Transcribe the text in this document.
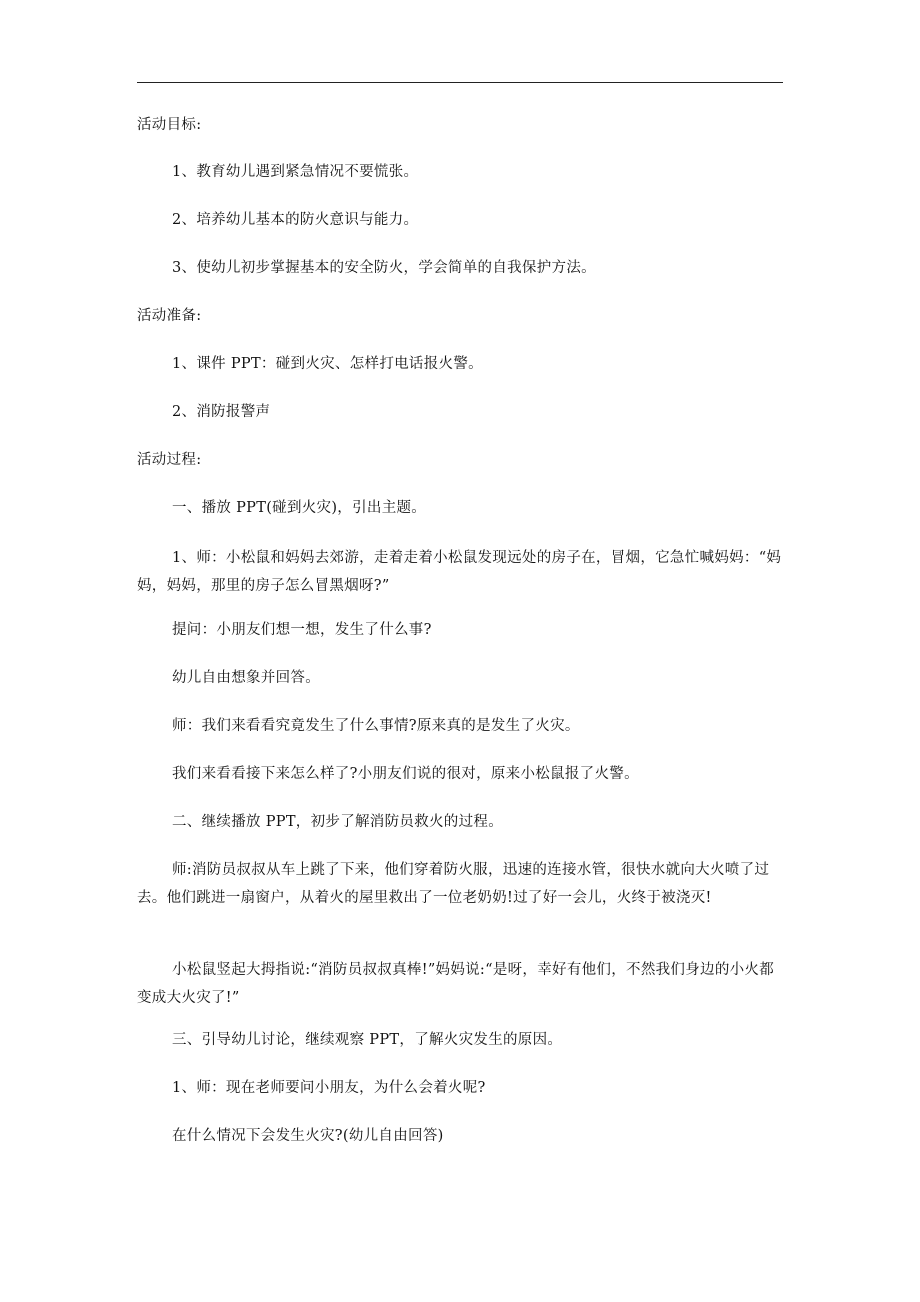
活动目标:
1、教育幼儿遇到紧急情况不要慌张。
2、培养幼儿基本的防火意识与能力。
3、使幼儿初步掌握基本的安全防火，学会简单的自我保护方法。
活动准备:
1、课件 PPT：碰到火灾、怎样打电话报火警。
2、消防报警声
活动过程:
一、播放 PPT(碰到火灾)，引出主题。
1、师：小松鼠和妈妈去郊游，走着走着小松鼠发现远处的房子在，冒烟，它急忙喊妈妈：“妈妈，妈妈，那里的房子怎么冒黑烟呀?”
提问：小朋友们想一想，发生了什么事?
幼儿自由想象并回答。
师：我们来看看究竟发生了什么事情?原来真的是发生了火灾。
我们来看看接下来怎么样了?小朋友们说的很对，原来小松鼠报了火警。
二、继续播放 PPT，初步了解消防员救火的过程。
师:消防员叔叔从车上跳了下来，他们穿着防火服，迅速的连接水管，很快水就向大火喷了过去。他们跳进一扇窗户，从着火的屋里救出了一位老奶奶!过了好一会儿，火终于被浇灭!
小松鼠竖起大拇指说:“消防员叔叔真棒!”妈妈说:“是呀，幸好有他们，不然我们身边的小火都变成大火灾了!”
三、引导幼儿讨论，继续观察 PPT，了解火灾发生的原因。
1、师：现在老师要问小朋友，为什么会着火呢?
在什么情况下会发生火灾?(幼儿自由回答)
